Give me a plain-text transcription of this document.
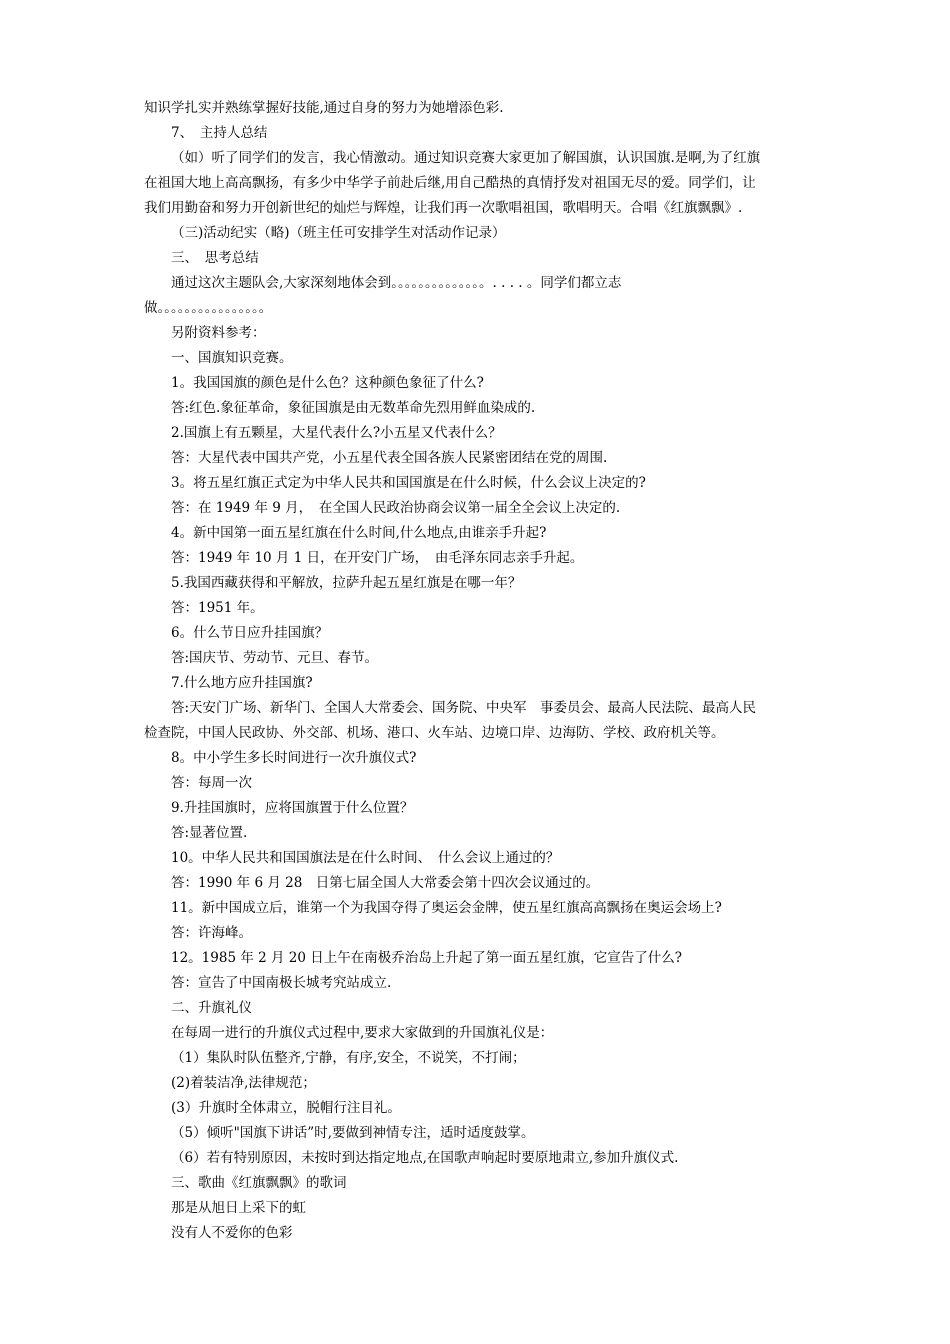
知识学扎实并熟练掌握好技能,通过自身的努力为她增添色彩.
7、　主持人总结
（如）听了同学们的发言，我心情激动。通过知识竞赛大家更加了解国旗，认识国旗.是啊,为了红旗
在祖国大地上高高飘扬，有多少中华学子前赴后继,用自己酷热的真情抒发对祖国无尽的爱。同学们，让
我们用勤奋和努力开创新世纪的灿烂与辉煌，让我们再一次歌唱祖国，歌唱明天。合唱《红旗飘飘》.
（三)活动纪实（略)（班主任可安排学生对活动作记录）
三、　思考总结
通过这次主题队会,大家深刻地体会到。。。。。。。。。。。。。。. . . . 。同学们都立志
做。。。。。。。。。。。。。。。。
另附资料参考：
一、国旗知识竞赛。
1。我国国旗的颜色是什么色？这种颜色象征了什么?
答:红色.象征革命，象征国旗是由无数革命先烈用鲜血染成的.
2.国旗上有五颗星，大星代表什么?小五星又代表什么？
答：大星代表中国共产党，小五星代表全国各族人民紧密团结在党的周围.
3。将五星红旗正式定为中华人民共和国国旗是在什么时候，什么会议上决定的?
答：在 1949 年 9 月，　在全国人民政治协商会议第一届全全会议上决定的.
4。新中国第一面五星红旗在什么时间,什么地点,由谁亲手升起?
答：1949 年 10 月 1 日，在开安门广场，　由毛泽东同志亲手升起。
5.我国西藏获得和平解放，拉萨升起五星红旗是在哪一年？
答：1951 年。
6。什么节日应升挂国旗？
答:国庆节、劳动节、元旦、春节。
7.什么地方应升挂国旗?
答:天安门广场、新华门、全国人大常委会、国务院、中央军　事委员会、最高人民法院、最高人民
检查院，中国人民政协、外交部、机场、港口、火车站、边境口岸、边海防、学校、政府机关等。
8。中小学生多长时间进行一次升旗仪式?
答：每周一次
9.升挂国旗时，应将国旗置于什么位置？
答:显著位置.
10。中华人民共和国国旗法是在什么时间、　什么会议上通过的？
答：1990 年 6 月 28　日第七届全国人大常委会第十四次会议通过的。
11。新中国成立后，谁第一个为我国夺得了奥运会金牌，使五星红旗高高飘扬在奥运会场上?
答：许海峰。
12。1985 年 2 月 20 日上午在南极乔治岛上升起了第一面五星红旗，它宣告了什么?
答：宣告了中国南极长城考究站成立.
二、升旗礼仪
在每周一进行的升旗仪式过程中,要求大家做到的升国旗礼仪是：
（1）集队时队伍整齐,宁静，有序,安全，不说笑，不打闹；
(2)着装洁净,法律规范；
(3）升旗时全体肃立，脱帽行注目礼。
（5）倾听"国旗下讲话”时,要做到神情专注，适时适度鼓掌。
（6）若有特别原因，未按时到达指定地点,在国歌声响起时要原地肃立,参加升旗仪式.
三、歌曲《红旗飘飘》的歌词
那是从旭日上采下的虹
没有人不爱你的色彩
